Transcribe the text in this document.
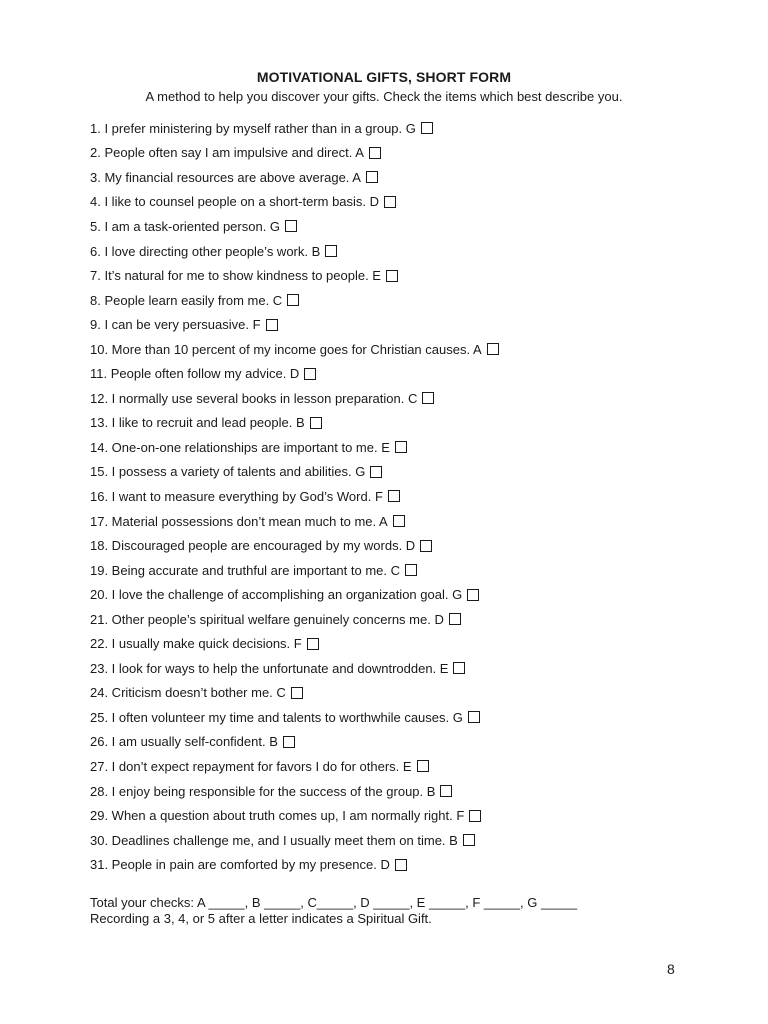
MOTIVATIONAL GIFTS, SHORT FORM
A method to help you discover your gifts. Check the items which best describe you.
1. I prefer ministering by myself rather than in a group. G
2. People often say I am impulsive and direct. A
3. My financial resources are above average. A
4. I like to counsel people on a short-term basis. D
5. I am a task-oriented person. G
6. I love directing other people’s work. B
7. It’s natural for me to show kindness to people. E
8. People learn easily from me. C
9. I can be very persuasive. F
10. More than 10 percent of my income goes for Christian causes. A
11. People often follow my advice. D
12. I normally use several books in lesson preparation. C
13. I like to recruit and lead people. B
14. One-on-one relationships are important to me. E
15. I possess a variety of talents and abilities. G
16. I want to measure everything by God’s Word. F
17. Material possessions don’t mean much to me. A
18. Discouraged people are encouraged by my words. D
19. Being accurate and truthful are important to me. C
20. I love the challenge of accomplishing an organization goal. G
21. Other people’s spiritual welfare genuinely concerns me. D
22. I usually make quick decisions. F
23. I look for ways to help the unfortunate and downtrodden. E
24. Criticism doesn’t bother me. C
25. I often volunteer my time and talents to worthwhile causes. G
26. I am usually self-confident. B
27. I don’t expect repayment for favors I do for others. E
28. I enjoy being responsible for the success of the group. B
29. When a question about truth comes up, I am normally right. F
30. Deadlines challenge me, and I usually meet them on time. B
31. People in pain are comforted by my presence. D
Total your checks: A _____, B _____, C_____, D _____, E _____, F _____, G _____
Recording a 3, 4, or 5 after a letter indicates a Spiritual Gift.
8
